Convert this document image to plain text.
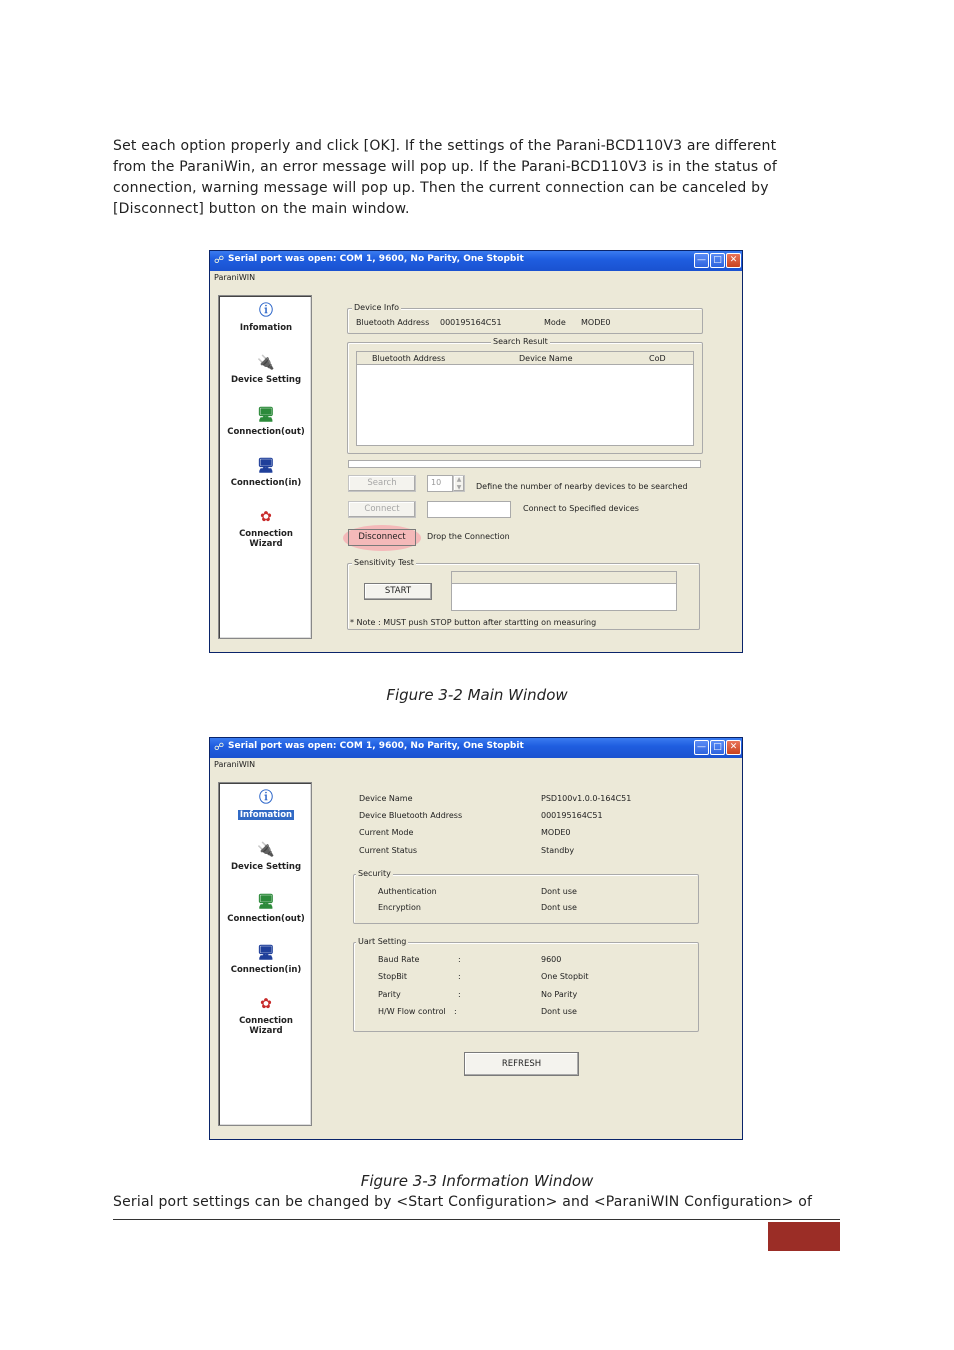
Set each option properly and click [OK]. If the settings of the Parani-BCD110V3 are different
from the ParaniWin, an error message will pop up. If the Parani-BCD110V3 is in the status of
connection, warning message will pop up. Then the current connection can be canceled by
[Disconnect] button on the main window.
☍ Serial port was open: COM 1, 9600, No Parity, One Stopbit	— □ ✕
ParaniWIN
ⓘ
Infomation
🔌
Device Setting
🖥
Connection(out)
🖥
Connection(in)
✿
Connection Wizard
Device Info
Bluetooth Address 000195164C51	Mode MODE0
Search Result
Bluetooth Address	Device Name	CoD
Search	10	▲
▼	Define the number of nearby devices to be searched
Connect	Connect to Specified devices
Disconnect	Drop the Connection
Sensitivity Test
START
* Note : MUST push STOP button after startting on measuring
Figure 3-2 Main Window
☍ Serial port was open: COM 1, 9600, No Parity, One Stopbit	— □ ✕
ParaniWIN
ⓘ
Infomation
🔌
Device Setting
🖥
Connection(out)
🖥
Connection(in)
✿
Connection Wizard
Device Name	PSD100v1.0.0-164C51
Device Bluetooth Address	000195164C51
Current Mode	MODE0
Current Status	Standby
Security
Authentication	Dont use
Encryption	Dont use
Uart Setting
Baud Rate	:	9600
StopBit	:	One Stopbit
Parity	:	No Parity
H/W Flow control :	Dont use
REFRESH
Figure 3-3 Information Window
Serial port settings can be changed by <Start Configuration> and <ParaniWIN Configuration> of
